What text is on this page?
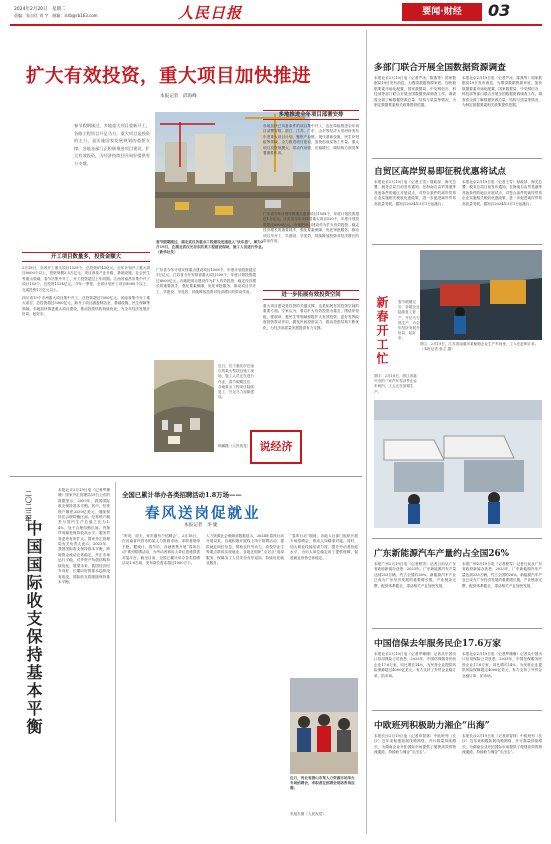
2024年2月20日　星期二
责编：朱自红 刘 宇　邮箱：lsrb@rb163.com	人民日报	要闻·财经	03
扩大有效投资，重大项目加快推进
本报记者　邱海峰
春节假期刚过，多地重大项目重新开工，各路工程项目开足马力。重大项目是投资的主力，是实施国家发展规划的重要支撑。各地各部门正积极推进项目建设，扩大有效投资，为经济持续回升向好提供有力支撑。
开工项目数量多，投资金额大
2月18日，全省开工重大项目1329个，总投资8745亿元。全年计划开工重大项目8000个以上，投资规模2.5万亿元，项目涉及产业升级、基础设施、社会民生等重点领域，春节后集中开工，开工投资超过上年同期。江西省南昌市集中开工项目153个，总投资1124亿元。今年一季度，全省计划开工项目8000个以上，完成投资1万亿元以上。
四川省19个市州重大项目集中开工，总投资超过7000亿元。河南省集中开工重大项目，总投资超过5000亿元，新开工项目涵盖制造业、基础设施、民生保障等领域。多地加快推进重大项目建设，推动投资结构持续优化，为全年经济发展开好局、起好步。
春节假期刚过，湖北武汉各重点工程建设迅速进入“快车道”，图为2月19日，在湖北武汉光谷东的某工程建设现场，施工人员进行作业。（新华社发）
多地推进全年项目部署安排
各地加快已具备条件的项目集中开工，也在持续推进全年项目部署安排。浙江、江苏、广东、山东等经济大省纷纷发布年度重大项目计划，聚焦产业链、现代基础设施、民生补短板等领域，全力推进项目建设，加快形成实物工作量。重大项目投资规模大、带动作用强，在稳增长、调结构方面发挥着重要作用。
广东省今年计划安排重点建设项目1508个，年度计划投资超过1万亿元。江苏省今年安排省重大项目520个，年度计划投资超过6000亿元。各地把项目建设作为扩大有效投资、稳定经济增长的重要抓手，强化要素保障，优化审批服务，推动项目早开工、早建设、早见效，持续释放投资对经济增长的带动作用。
广东省今年计划安排重点建设项目1508个，年度计划投资超过1万亿元。江苏省今年安排省重大项目520个，年度计划投资超过6000亿元。各地把项目建设作为扩大有效投资、稳定经济增长的重要抓手，强化要素保障，优化审批服务，推动项目早开工、早建设、早见效，持续释放投资对经济增长的带动作用。
进一步拓展有效投资空间
重大项目建设是投资的关键支撑，也是拓展有效投资空间的重要方面。专家认为，要以扩大有效投资为重点，围绕补短板、强弱项、惠民生等领域积极扩大有效投资，更好发挥政府投资带动作用，激发民间投资活力，推动投资结构不断优化，为经济高质量发展提供有力支撑。
近日，位于重庆市巴南区的某大型项目施工现场，施工人员正在进行作业。春节假期过后，各地重点工程项目陆续复工，开足马力加紧建设。
韩鹏摄（人民视觉） 说经济
二〇二三年
中国国际收支保持基本平衡
本报北京2月19日电（记者罗珊珊）国家外汇管理局19日公布的数据显示，2023年，我国国际收支保持基本平衡。其中，经常账户顺差2530亿美元，继续保持在合理均衡区间。经常账户顺差与国内生产总值之比为1.4%，处于合理均衡区间。货物贸易顺差保持较高水平，服务贸易逆差有所扩大。国家外汇管理局有关负责人表示，2023年，我国国际收支保持基本平衡，跨境资金流动总体稳定，外汇市场运行平稳，对外资产负债结构持续优化。展望未来，我国经济回升向好、长期向好的基本趋势没有改变，国际收支将继续保持基本平衡。
全国已累计举办各类招聘活动1.8万场——
春风送岗促就业
本报记者　李 婕
“听说，前天，家乡刚有个招聘会”，2月18日，在河南省许昌市的某人力资源市场，求职者络绎不绝。据统计，春节后，各地密集开展“春风行动”系列招聘活动，为劳动者和用人单位搭建供需对接平台。截至目前，全国已累计举办各类招聘活动1.8万场，发布岗位需求超过1000万个。
人力资源社会保障部数据显示，2024年春风行动开展以来，各地积极开展线上线下招聘活动，提供就业岗位信息，帮助农村劳动力、高校毕业生等重点群体实现就业。各地还组织“点对点”返岗服务，保障务工人员安全有序返岗，持续优化就业服务。
“春风行动”期间，各地人社部门组织开展专场招聘会，推动人岗精准对接。同时，加大职业技能培训力度，提升劳动者技能水平，为用人单位稳定用工提供保障，促进就业形势总体稳定。
近日，河北省唐山市某人力资源市场举办专场招聘会，求职者在招聘会现场咨询应聘。
朱旭东摄（人民视觉）
多部门联合开展全国数据资源调查
本报北京2月19日电（记者严冰、陈燕等）国家数据局19日发布消息，为摸清数据资源家底，加快数据要素市场化配置，国家数据局、中央网信办、科技部等部门联合开展全国数据资源调查工作。调查将全面了解数据资源总量、结构与质量等情况，为制定数据要素相关政策提供依据。
本报北京2月19日电（记者严冰、陈燕等）国家数据局19日发布消息，为摸清数据资源家底，加快数据要素市场化配置，国家数据局、中央网信办、科技部等部门联合开展全国数据资源调查工作。调查将全面了解数据资源总量、结构与质量等情况，为制定数据要素相关政策提供依据。
自贸区高岸贸易即征税优惠将试点
本报北京2月19日电（记者王雪）财政部、海关总署、税务总局日前发布通知，在海南自由贸易港等具备条件的地区开展试点，对符合条件的离岸贸易企业实施相关税收优惠政策，进一步促进离岸贸易高质量发展。通知自2024年3月1日起施行。
本报北京2月19日电（记者王雪）财政部、海关总署、税务总局日前发布通知，在海南自由贸易港等具备条件的地区开展试点，对符合条件的离岸贸易企业实施相关税收优惠政策，进一步促进离岸贸易高质量发展。通知自2024年3月1日起施行。
新春开工忙	春节假期过后，各地企业陆续复工复产，开足马力抓生产，为全年经济发展开好局、起好步。
图①：2月19日，江苏省南通市某船舶企业生产车间里，工人在赶制订单。（本报记者 张立 摄）
图②：2月18日，浙江省嘉兴市的一家汽车零部件企业车间内，工人正在加紧生产。
广东新能源汽车产量约占全国26%
本报广州2月19日电（记者程雪）记者日前从广东省政府新闻办获悉：2023年，广东新能源汽车产量达到253万辆，约占全国的26%。新能源汽车产业已成为广东经济发展的重要增长极，产业链条完整、配套体系健全，带动相关产业加快发展。
本报广州2月19日电（记者程雪）记者日前从广东省政府新闻办获悉：2023年，广东新能源汽车产量达到253万辆，约占全国的26%。新能源汽车产业已成为广东经济发展的重要增长极，产业链条完整、配套体系健全，带动相关产业加快发展。
中国信保去年服务民企17.6万家
本报北京2月19日电（记者罗珊珊）记者从中国出口信用保险公司获悉，2023年，中国信保服务民营企业17.6万家，同比增长14%，为民营企业提供风险保障超过4000亿美元，有力支持了外贸企业稳订单、拓市场。
本报北京2月19日电（记者罗珊珊）记者从中国出口信用保险公司获悉，2023年，中国信保服务民营企业17.6万家，同比增长14%，为民营企业提供风险保障超过4000亿美元，有力支持了外贸企业稳订单、拓市场。
中欧班列积极助力湘企“出海”
本报长沙2月19日电（记者申智林）中欧班列（长沙）近年来积极拓展线路网络，开行数量持续增长，为湖南企业开拓国际市场提供了便捷高效的物流通道，持续助力湘企“走出去”。
本报长沙2月19日电（记者申智林）中欧班列（长沙）近年来积极拓展线路网络，开行数量持续增长，为湖南企业开拓国际市场提供了便捷高效的物流通道，持续助力湘企“走出去”。
